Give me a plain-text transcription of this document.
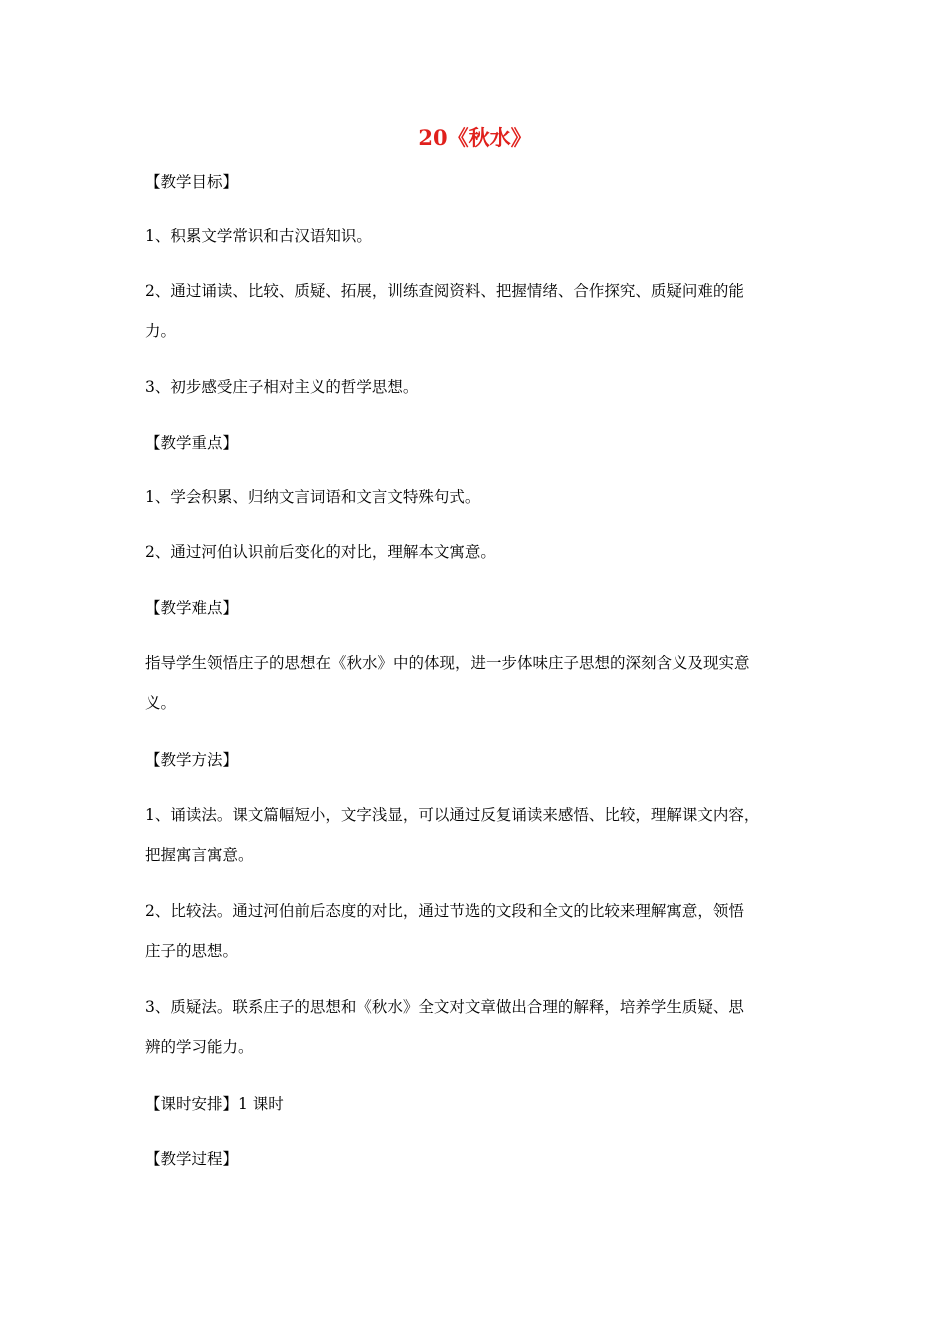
20《秋水》
【教学目标】
1、积累文学常识和古汉语知识。
2、通过诵读、比较、质疑、拓展，训练查阅资料、把握情绪、合作探究、质疑问难的能
力。
3、初步感受庄子相对主义的哲学思想。
【教学重点】
1、学会积累、归纳文言词语和文言文特殊句式。
2、通过河伯认识前后变化的对比，理解本文寓意。
【教学难点】
指导学生领悟庄子的思想在《秋水》中的体现，进一步体味庄子思想的深刻含义及现实意
义。
【教学方法】
1、诵读法。课文篇幅短小，文字浅显，可以通过反复诵读来感悟、比较，理解课文内容，
把握寓言寓意。
2、比较法。通过河伯前后态度的对比，通过节选的文段和全文的比较来理解寓意，领悟
庄子的思想。
3、质疑法。联系庄子的思想和《秋水》全文对文章做出合理的解释，培养学生质疑、思
辨的学习能力。
【课时安排】1 课时
【教学过程】
